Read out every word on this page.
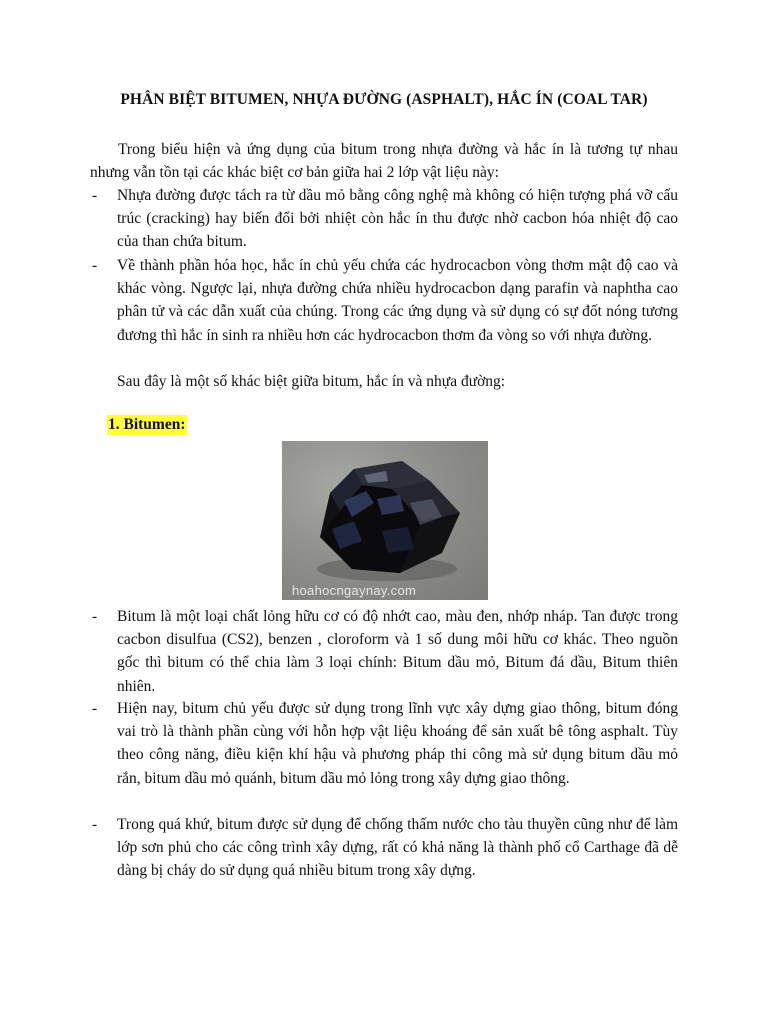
PHÂN BIỆT BITUMEN, NHỰA ĐƯỜNG (ASPHALT), HẮC ÍN (COAL TAR)
Trong biểu hiện và ứng dụng của bitum trong nhựa đường và hắc ín là tương tự nhau nhưng vẫn tồn tại các khác biệt cơ bản giữa hai 2 lớp vật liệu này:
- Nhựa đường được tách ra từ dầu mỏ bằng công nghệ mà không có hiện tượng phá vỡ cấu trúc (cracking) hay biến đổi bởi nhiệt còn hắc ín thu được nhờ cacbon hóa nhiệt độ cao của than chứa bitum.
- Về thành phần hóa học, hắc ín chủ yếu chứa các hydrocacbon vòng thơm mật độ cao và khác vòng. Ngược lại, nhựa đường chứa nhiều hydrocacbon dạng parafin và naphtha cao phân tử và các dẫn xuất của chúng. Trong các ứng dụng và sử dụng có sự đốt nóng tương đương thì hắc ín sinh ra nhiều hơn các hydrocacbon thơm đa vòng so với nhựa đường.
Sau đây là một số khác biệt giữa bitum, hắc ín và nhựa đường:
1. Bitumen:
hoahocngaynay.com
- Bitum là một loại chất lỏng hữu cơ có độ nhớt cao, màu đen, nhớp nháp. Tan được trong cacbon disulfua (CS2), benzen , cloroform và 1 số dung môi hữu cơ khác. Theo nguồn gốc thì bitum có thể chia làm 3 loại chính: Bitum dầu mỏ, Bitum đá dầu, Bitum thiên nhiên.
- Hiện nay, bitum chủ yếu được sử dụng trong lĩnh vực xây dựng giao thông, bitum đóng vai trò là thành phần cùng với hỗn hợp vật liệu khoáng để sản xuất bê tông asphalt. Tùy theo công năng, điều kiện khí hậu và phương pháp thi công mà sử dụng bitum dầu mỏ rắn, bitum dầu mỏ quánh, bitum dầu mỏ lỏng trong xây dựng giao thông.
- Trong quá khứ, bitum được sử dụng để chống thấm nước cho tàu thuyền cũng như để làm lớp sơn phủ cho các công trình xây dựng, rất có khả năng là thành phố cổ Carthage đã dễ dàng bị cháy do sử dụng quá nhiều bitum trong xây dựng.
